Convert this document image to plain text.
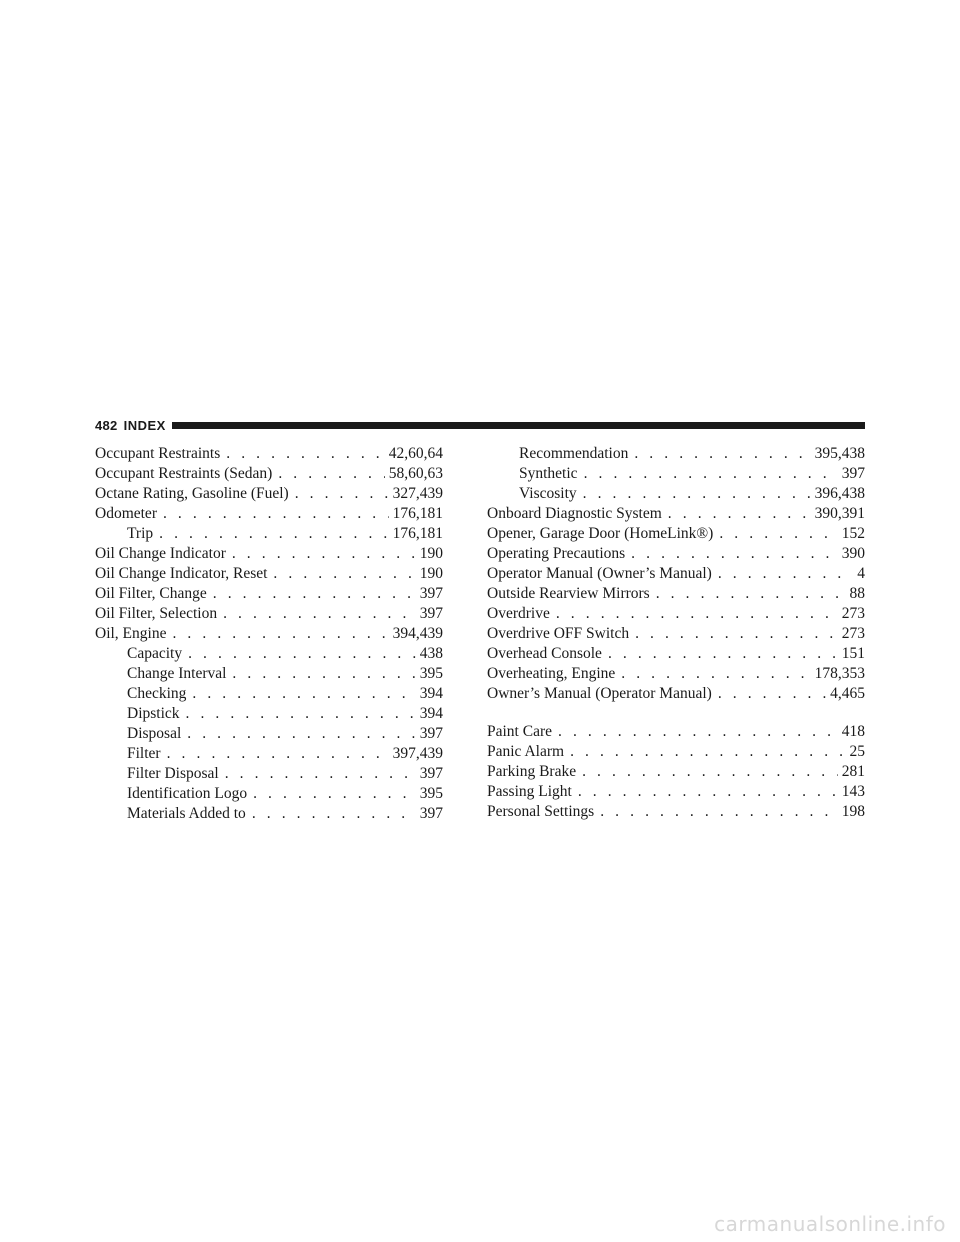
482 INDEX
Occupant Restraints . . .	42,60,64
Occupant Restraints (Sedan) . . .	58,60,63
Octane Rating, Gasoline (Fuel) . . .	327,439
Odometer . . .	176,181
Trip . . .	176,181
Oil Change Indicator . . .	190
Oil Change Indicator, Reset . . .	190
Oil Filter, Change . . .	397
Oil Filter, Selection . . .	397
Oil, Engine . . .	394,439
Capacity . . .	438
Change Interval . . .	395
Checking . . .	394
Dipstick . . .	394
Disposal . . .	397
Filter . . .	397,439
Filter Disposal . . .	397
Identification Logo . . .	395
Materials Added to . . .	397
Recommendation . . .	395,438
Synthetic . . .	397
Viscosity . . .	396,438
Onboard Diagnostic System . . .	390,391
Opener, Garage Door (HomeLink®) . . .	152
Operating Precautions . . .	390
Operator Manual (Owner’s Manual) . . .	4
Outside Rearview Mirrors . . .	88
Overdrive . . .	273
Overdrive OFF Switch . . .	273
Overhead Console . . .	151
Overheating, Engine . . .	178,353
Owner’s Manual (Operator Manual) . . .	4,465
Paint Care . . .	418
Panic Alarm . . .	25
Parking Brake . . .	281
Passing Light . . .	143
Personal Settings . . .	198
carmanualsonline.info
